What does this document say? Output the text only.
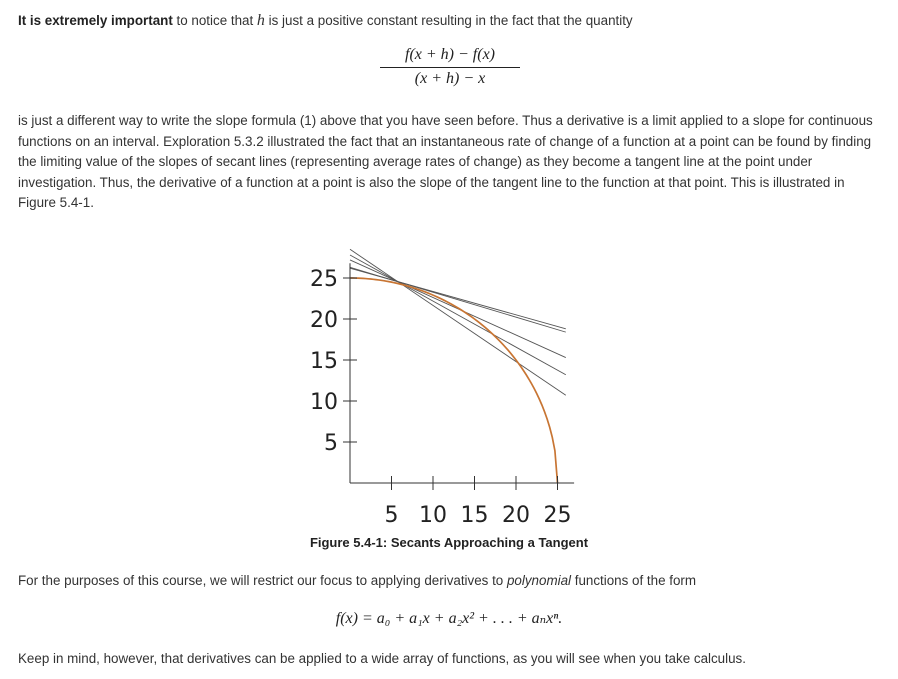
It is extremely important to notice that h is just a positive constant resulting in the fact that the quantity

$\frac{f(x + h) - f(x)}{(x + h) - x}$

is just a different way to write the slope formula (1) above that you have seen before. Thus a derivative is a limit applied to a slope for continuous functions on an interval. Exploration 5.3.2 illustrated the fact that an instantaneous rate of change of a function at a point can be found by finding the limiting value of the slopes of secant lines (representing average rates of change) as they become a tangent line at the point under investigation. Thus, the derivative of a function at a point is also the slope of the tangent line to the function at that point. This is illustrated in Figure 5.4-1.

5
10
15
20
25
5 10 15 20 25
Figure 5.4-1: Secants Approaching a Tangent

For the purposes of this course, we will restrict our focus to applying derivatives to polynomial functions of the form

f(x) = a₀ + a₁x + a₂x² + . . . + aₙxⁿ.

Keep in mind, however, that derivatives can be applied to a wide array of functions, as you will see when you take calculus.
